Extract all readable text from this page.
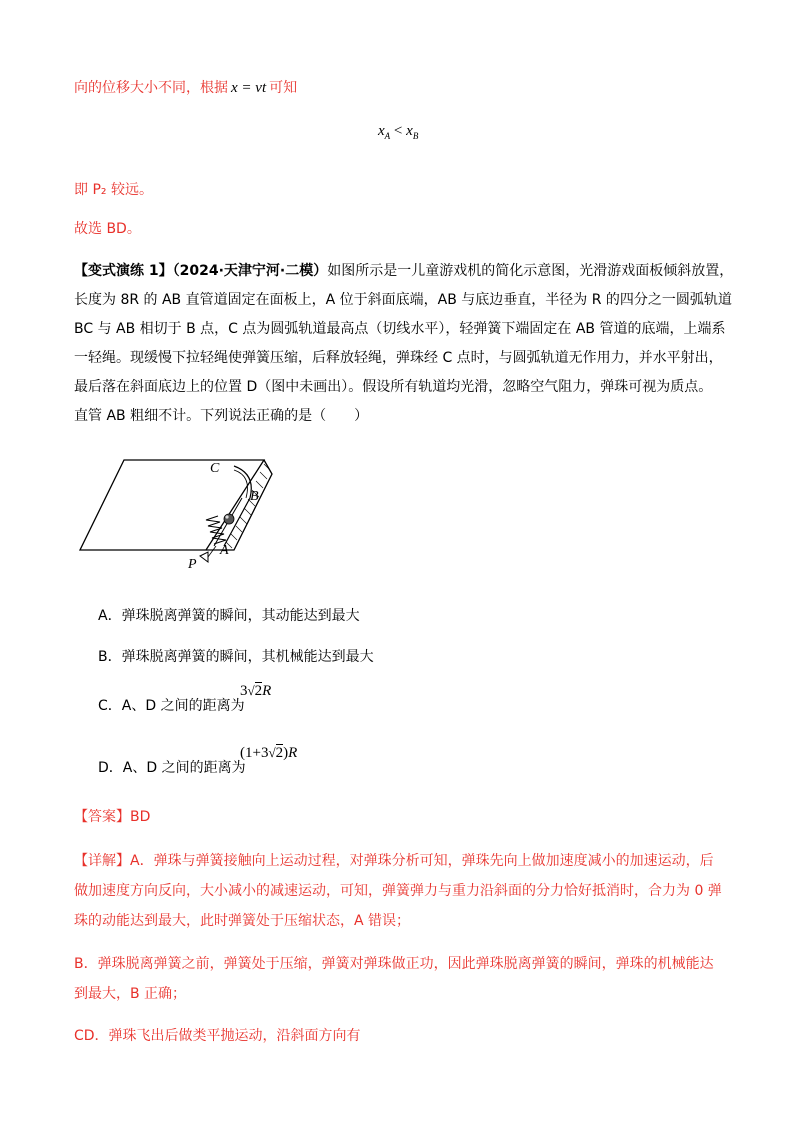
向的位移大小不同，根据 x = vt 可知
$x_A < x_B$
即 P₂ 较远。
故选 BD。
【变式演练 1】（2024·天津宁河·二模）如图所示是一儿童游戏机的简化示意图，光滑游戏面板倾斜放置，
长度为 8R 的 AB 直管道固定在面板上，A 位于斜面底端，AB 与底边垂直，半径为 R 的四分之一圆弧轨道
BC 与 AB 相切于 B 点，C 点为圆弧轨道最高点（切线水平），轻弹簧下端固定在 AB 管道的底端，上端系
一轻绳。现缓慢下拉轻绳使弹簧压缩，后释放轻绳，弹珠经 C 点时，与圆弧轨道无作用力，并水平射出，
最后落在斜面底边上的位置 D（图中未画出）。假设所有轨道均光滑，忽略空气阻力，弹珠可视为质点。
直管 AB 粗细不计。下列说法正确的是（　　）
C
B
A
P
A．弹珠脱离弹簧的瞬间，其动能达到最大
B．弹珠脱离弹簧的瞬间，其机械能达到最大
C．A、D 之间的距离为
3√2R
D．A、D 之间的距离为
(1+3√2)R
【答案】BD
【详解】A．弹珠与弹簧接触向上运动过程，对弹珠分析可知，弹珠先向上做加速度减小的加速运动，后
做加速度方向反向，大小减小的减速运动，可知，弹簧弹力与重力沿斜面的分力恰好抵消时，合力为 0 弹
珠的动能达到最大，此时弹簧处于压缩状态，A 错误；
B．弹珠脱离弹簧之前，弹簧处于压缩，弹簧对弹珠做正功，因此弹珠脱离弹簧的瞬间，弹珠的机械能达
到最大，B 正确；
CD．弹珠飞出后做类平抛运动，沿斜面方向有
